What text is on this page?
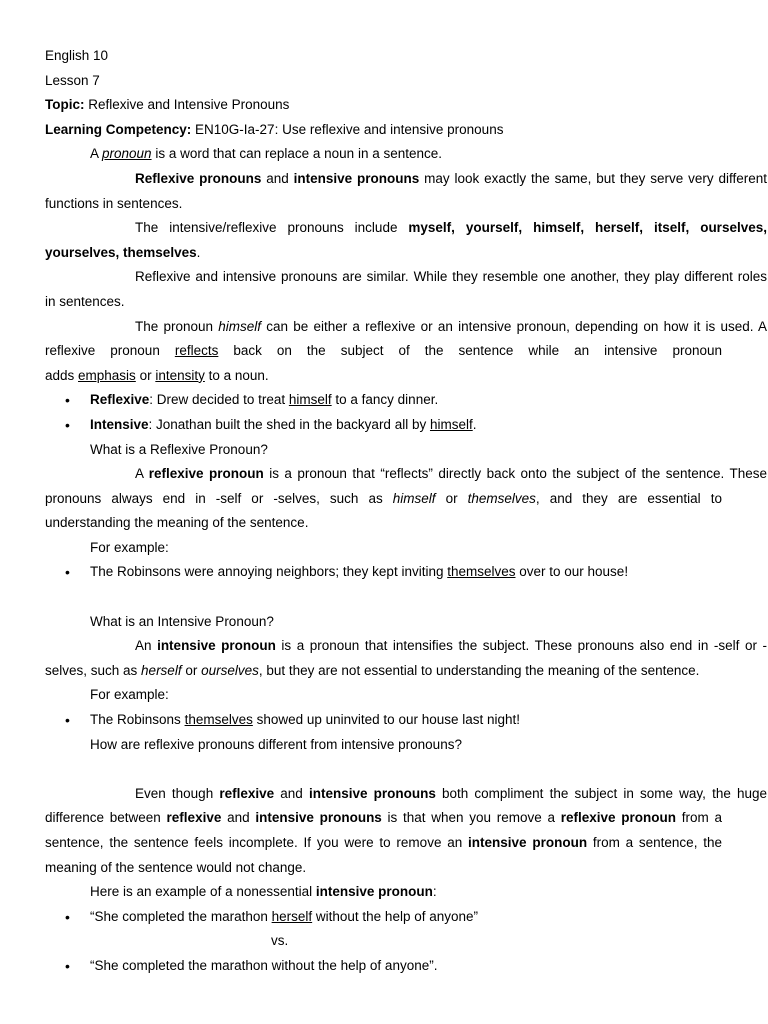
English 10
Lesson 7
Topic: Reflexive and Intensive Pronouns
Learning Competency: EN10G-Ia-27: Use reflexive and intensive pronouns
A pronoun is a word that can replace a noun in a sentence.
Reflexive pronouns and intensive pronouns may look exactly the same, but they serve very different
functions in sentences.
The intensive/reflexive pronouns include myself, yourself, himself, herself, itself, ourselves,
yourselves, themselves.
Reflexive and intensive pronouns are similar. While they resemble one another, they play different roles
in sentences.
The pronoun himself can be either a reflexive or an intensive pronoun, depending on how it is used. A
reflexive pronoun reflects back on the subject of the sentence while an intensive pronoun
adds emphasis or intensity to a noun.
• Reflexive: Drew decided to treat himself to a fancy dinner.
• Intensive: Jonathan built the shed in the backyard all by himself.
What is a Reflexive Pronoun?
A reflexive pronoun is a pronoun that “reflects” directly back onto the subject of the sentence. These
pronouns always end in -self or -selves, such as himself or themselves, and they are essential to
understanding the meaning of the sentence.
For example:
• The Robinsons were annoying neighbors; they kept inviting themselves over to our house!
What is an Intensive Pronoun?
An intensive pronoun is a pronoun that intensifies the subject. These pronouns also end in -self or -
selves, such as herself or ourselves, but they are not essential to understanding the meaning of the sentence.
For example:
• The Robinsons themselves showed up uninvited to our house last night!
How are reflexive pronouns different from intensive pronouns?
Even though reflexive and intensive pronouns both compliment the subject in some way, the huge
difference between reflexive and intensive pronouns is that when you remove a reflexive pronoun from a
sentence, the sentence feels incomplete. If you were to remove an intensive pronoun from a sentence, the
meaning of the sentence would not change.
Here is an example of a nonessential intensive pronoun:
• “She completed the marathon herself without the help of anyone”
vs.
• “She completed the marathon without the help of anyone”.
